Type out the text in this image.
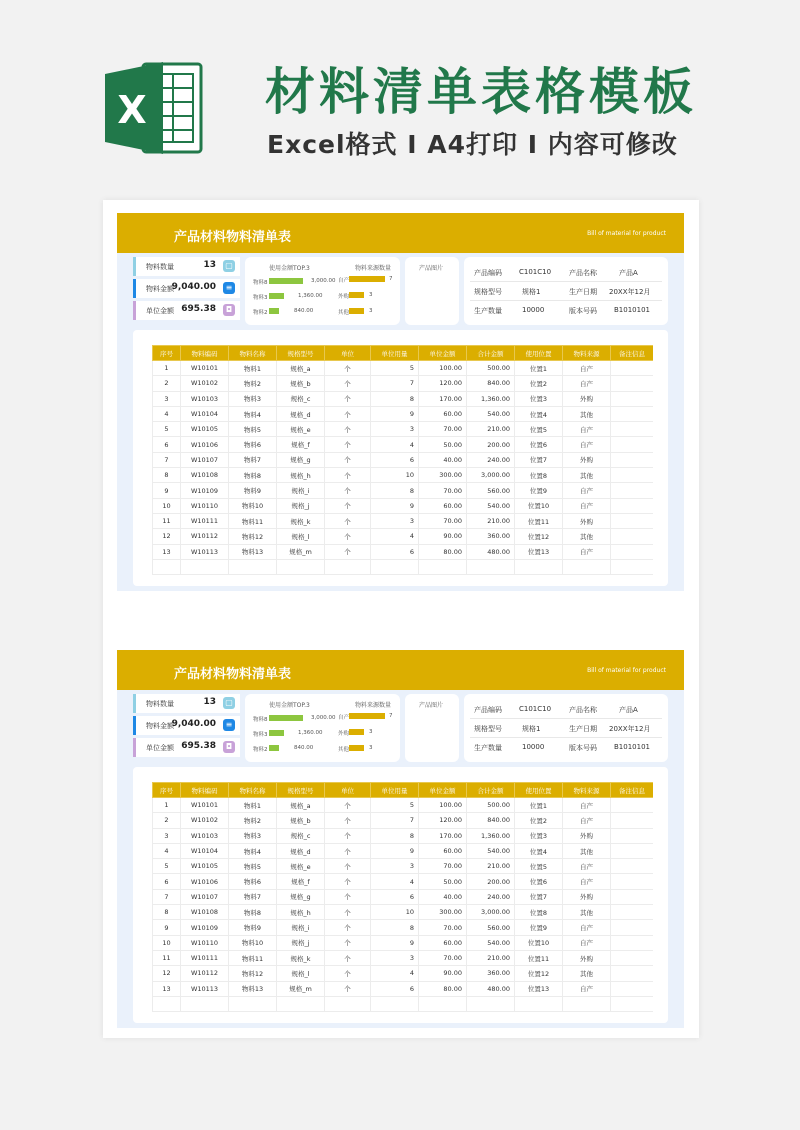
X 材料清单表格模板
Excel格式 I A4打印 I 内容可修改
产品材料物料清单表	Bill of material for product
物料数量	13 ▢
物料金额
9,040.00	≡
单位金额 695.38	◘
使用金额TOP.3
物料8	3,000.00
物料3	1,360.00
物料2	840.00
物料来源数量
自产	7
外购	3
其他	3
产品图片
产品编码 C101C10	产品名称	产品A
规格型号	规格1	生产日期 20XX年12月
生产数量	10000	版本号码 B1010101
序号	物料编码	物料名称	规格型号	单位	单位用量	单位金额	合计金额	使用位置	物料来源	备注信息
1	W10101	物料1	规格_a	个	5	100.00	500.00	位置1	自产	
2	W10102	物料2	规格_b	个	7	120.00	840.00	位置2	自产	
3	W10103	物料3	规格_c	个	8	170.00	1,360.00	位置3	外购	
4	W10104	物料4	规格_d	个	9	60.00	540.00	位置4	其他	
5	W10105	物料5	规格_e	个	3	70.00	210.00	位置5	自产	
6	W10106	物料6	规格_f	个	4	50.00	200.00	位置6	自产	
7	W10107	物料7	规格_g	个	6	40.00	240.00	位置7	外购	
8	W10108	物料8	规格_h	个	10	300.00	3,000.00	位置8	其他	
9	W10109	物料9	规格_i	个	8	70.00	560.00	位置9	自产	
10	W10110	物料10	规格_j	个	9	60.00	540.00	位置10	自产	
11	W10111	物料11	规格_k	个	3	70.00	210.00	位置11	外购	
12	W10112	物料12	规格_l	个	4	90.00	360.00	位置12	其他	
13	W10113	物料13	规格_m	个	6	80.00	480.00	位置13	自产	

产品材料物料清单表	Bill of material for product
物料数量	13 ▢
物料金额
9,040.00	≡
单位金额 695.38	◘
使用金额TOP.3
物料8	3,000.00
物料3	1,360.00
物料2	840.00
物料来源数量
自产	7
外购	3
其他	3
产品图片
产品编码 C101C10	产品名称	产品A
规格型号	规格1	生产日期 20XX年12月
生产数量	10000	版本号码 B1010101
序号	物料编码	物料名称	规格型号	单位	单位用量	单位金额	合计金额	使用位置	物料来源	备注信息
1	W10101	物料1	规格_a	个	5	100.00	500.00	位置1	自产	
2	W10102	物料2	规格_b	个	7	120.00	840.00	位置2	自产	
3	W10103	物料3	规格_c	个	8	170.00	1,360.00	位置3	外购	
4	W10104	物料4	规格_d	个	9	60.00	540.00	位置4	其他	
5	W10105	物料5	规格_e	个	3	70.00	210.00	位置5	自产	
6	W10106	物料6	规格_f	个	4	50.00	200.00	位置6	自产	
7	W10107	物料7	规格_g	个	6	40.00	240.00	位置7	外购	
8	W10108	物料8	规格_h	个	10	300.00	3,000.00	位置8	其他	
9	W10109	物料9	规格_i	个	8	70.00	560.00	位置9	自产	
10	W10110	物料10	规格_j	个	9	60.00	540.00	位置10	自产	
11	W10111	物料11	规格_k	个	3	70.00	210.00	位置11	外购	
12	W10112	物料12	规格_l	个	4	90.00	360.00	位置12	其他	
13	W10113	物料13	规格_m	个	6	80.00	480.00	位置13	自产	
